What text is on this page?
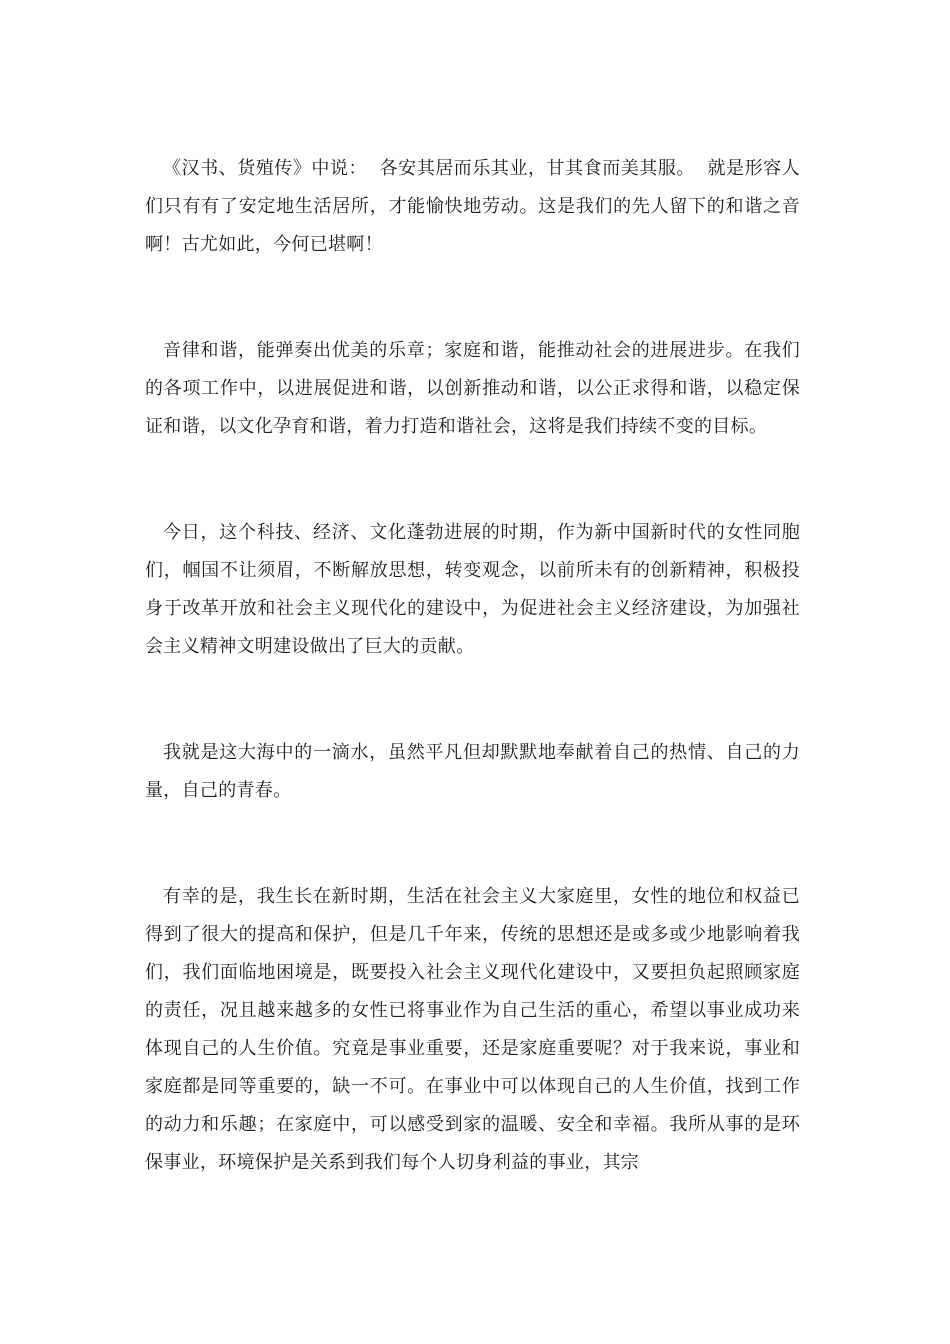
《汉书、货殖传》中说：  各安其居而乐其业，甘其食而美其服。  就是形容人们只有有了安定地生活居所，才能愉快地劳动。这是我们的先人留下的和谐之音啊！古尤如此，今何已堪啊！

音律和谐，能弹奏出优美的乐章；家庭和谐，能推动社会的进展进步。在我们的各项工作中，以进展促进和谐，以创新推动和谐，以公正求得和谐，以稳定保证和谐，以文化孕育和谐，着力打造和谐社会，这将是我们持续不变的目标。

今日，这个科技、经济、文化蓬勃进展的时期，作为新中国新时代的女性同胞们，帼国不让须眉，不断解放思想，转变观念，以前所未有的创新精神，积极投身于改革开放和社会主义现代化的建设中，为促进社会主义经济建设，为加强社会主义精神文明建设做出了巨大的贡献。

我就是这大海中的一滴水，虽然平凡但却默默地奉献着自己的热情、自己的力量，自己的青春。

有幸的是，我生长在新时期，生活在社会主义大家庭里，女性的地位和权益已得到了很大的提高和保护，但是几千年来，传统的思想还是或多或少地影响着我们，我们面临地困境是，既要投入社会主义现代化建设中，又要担负起照顾家庭的责任，况且越来越多的女性已将事业作为自己生活的重心，希望以事业成功来体现自己的人生价值。究竟是事业重要，还是家庭重要呢？对于我来说，事业和家庭都是同等重要的，缺一不可。在事业中可以体现自己的人生价值，找到工作的动力和乐趣；在家庭中，可以感受到家的温暖、安全和幸福。我所从事的是环保事业，环境保护是关系到我们每个人切身利益的事业，其宗
